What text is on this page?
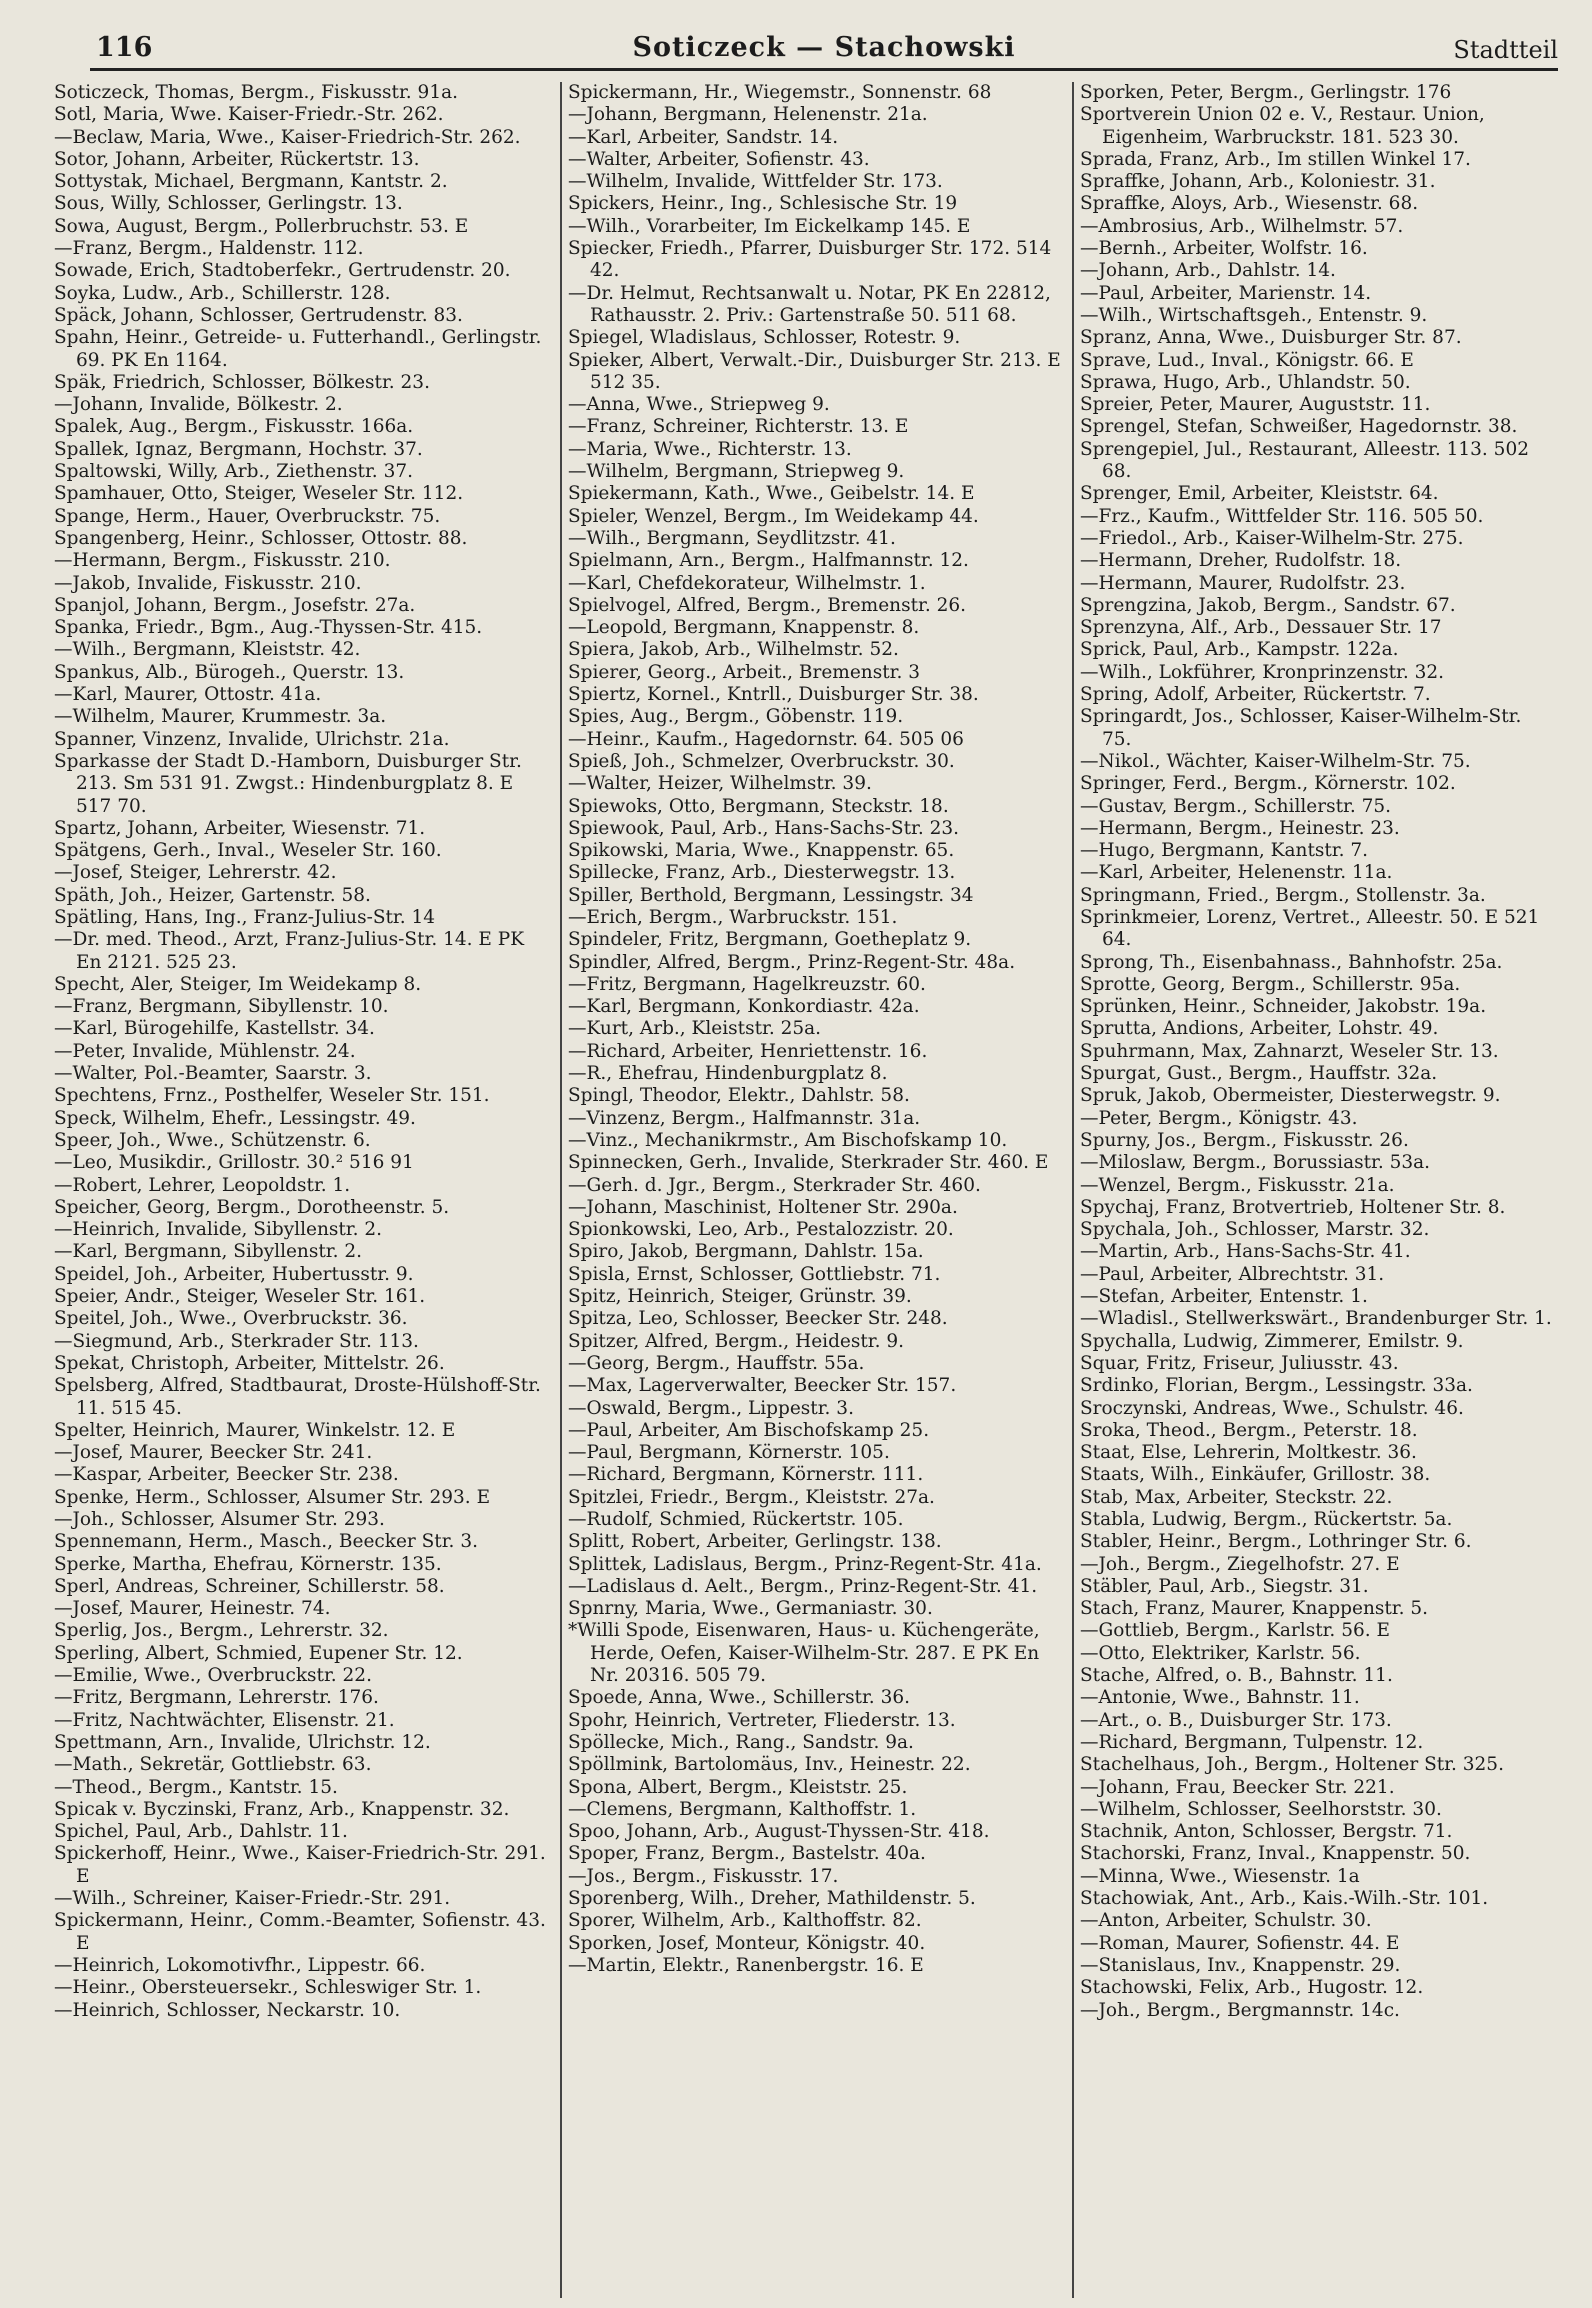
116	Soticzeck — Stachowski	Stadtteil
Soticzeck, Thomas, Bergm., Fiskusstr. 91a.
Sotl, Maria, Wwe. Kaiser-Friedr.-Str. 262.
—Beclaw, Maria, Wwe., Kaiser-Friedrich-Str. 262.
Sotor, Johann, Arbeiter, Rückertstr. 13.
Sottystak, Michael, Bergmann, Kantstr. 2.
Sous, Willy, Schlosser, Gerlingstr. 13.
Sowa, August, Bergm., Pollerbruchstr. 53. E
—Franz, Bergm., Haldenstr. 112.
Sowade, Erich, Stadtoberfekr., Gertrudenstr. 20.
Soyka, Ludw., Arb., Schillerstr. 128.
Späck, Johann, Schlosser, Gertrudenstr. 83.
Spahn, Heinr., Getreide- u. Futterhandl., Gerlingstr. 69. PK En 1164.
Späk, Friedrich, Schlosser, Bölkestr. 23.
—Johann, Invalide, Bölkestr. 2.
Spalek, Aug., Bergm., Fiskusstr. 166a.
Spallek, Ignaz, Bergmann, Hochstr. 37.
Spaltowski, Willy, Arb., Ziethenstr. 37.
Spamhauer, Otto, Steiger, Weseler Str. 112.
Spange, Herm., Hauer, Overbruckstr. 75.
Spangenberg, Heinr., Schlosser, Ottostr. 88.
—Hermann, Bergm., Fiskusstr. 210.
—Jakob, Invalide, Fiskusstr. 210.
Spanjol, Johann, Bergm., Josefstr. 27a.
Spanka, Friedr., Bgm., Aug.-Thyssen-Str. 415.
—Wilh., Bergmann, Kleiststr. 42.
Spankus, Alb., Bürogeh., Querstr. 13.
—Karl, Maurer, Ottostr. 41a.
—Wilhelm, Maurer, Krummestr. 3a.
Spanner, Vinzenz, Invalide, Ulrichstr. 21a.
Sparkasse der Stadt D.-Hamborn, Duisburger Str. 213. Sm 531 91. Zwgst.: Hindenburgplatz 8. E 517 70.
Spartz, Johann, Arbeiter, Wiesenstr. 71.
Spätgens, Gerh., Inval., Weseler Str. 160.
—Josef, Steiger, Lehrerstr. 42.
Späth, Joh., Heizer, Gartenstr. 58.
Spätling, Hans, Ing., Franz-Julius-Str. 14
—Dr. med. Theod., Arzt, Franz-Julius-Str. 14. E PK En 2121. 525 23.
Specht, Aler, Steiger, Im Weidekamp 8.
—Franz, Bergmann, Sibyllenstr. 10.
—Karl, Bürogehilfe, Kastellstr. 34.
—Peter, Invalide, Mühlenstr. 24.
—Walter, Pol.-Beamter, Saarstr. 3.
Spechtens, Frnz., Posthelfer, Weseler Str. 151.
Speck, Wilhelm, Ehefr., Lessingstr. 49.
Speer, Joh., Wwe., Schützenstr. 6.
—Leo, Musikdir., Grillostr. 30.² 516 91
—Robert, Lehrer, Leopoldstr. 1.
Speicher, Georg, Bergm., Dorotheenstr. 5.
—Heinrich, Invalide, Sibyllenstr. 2.
—Karl, Bergmann, Sibyllenstr. 2.
Speidel, Joh., Arbeiter, Hubertusstr. 9.
Speier, Andr., Steiger, Weseler Str. 161.
Speitel, Joh., Wwe., Overbruckstr. 36.
—Siegmund, Arb., Sterkrader Str. 113.
Spekat, Christoph, Arbeiter, Mittelstr. 26.
Spelsberg, Alfred, Stadtbaurat, Droste-Hülshoff-Str. 11. 515 45.
Spelter, Heinrich, Maurer, Winkelstr. 12. E
—Josef, Maurer, Beecker Str. 241.
—Kaspar, Arbeiter, Beecker Str. 238.
Spenke, Herm., Schlosser, Alsumer Str. 293. E
—Joh., Schlosser, Alsumer Str. 293.
Spennemann, Herm., Masch., Beecker Str. 3.
Sperke, Martha, Ehefrau, Körnerstr. 135.
Sperl, Andreas, Schreiner, Schillerstr. 58.
—Josef, Maurer, Heinestr. 74.
Sperlig, Jos., Bergm., Lehrerstr. 32.
Sperling, Albert, Schmied, Eupener Str. 12.
—Emilie, Wwe., Overbruckstr. 22.
—Fritz, Bergmann, Lehrerstr. 176.
—Fritz, Nachtwächter, Elisenstr. 21.
Spettmann, Arn., Invalide, Ulrichstr. 12.
—Math., Sekretär, Gottliebstr. 63.
—Theod., Bergm., Kantstr. 15.
Spicak v. Byczinski, Franz, Arb., Knappenstr. 32.
Spichel, Paul, Arb., Dahlstr. 11.
Spickerhoff, Heinr., Wwe., Kaiser-Friedrich-Str. 291. E
—Wilh., Schreiner, Kaiser-Friedr.-Str. 291.
Spickermann, Heinr., Comm.-Beamter, Sofienstr. 43. E
—Heinrich, Lokomotivfhr., Lippestr. 66.
—Heinr., Obersteuersekr., Schleswiger Str. 1.
—Heinrich, Schlosser, Neckarstr. 10.
Spickermann, Hr., Wiegemstr., Sonnenstr. 68
—Johann, Bergmann, Helenenstr. 21a.
—Karl, Arbeiter, Sandstr. 14.
—Walter, Arbeiter, Sofienstr. 43.
—Wilhelm, Invalide, Wittfelder Str. 173.
Spickers, Heinr., Ing., Schlesische Str. 19
—Wilh., Vorarbeiter, Im Eickelkamp 145. E
Spiecker, Friedh., Pfarrer, Duisburger Str. 172. 514 42.
—Dr. Helmut, Rechtsanwalt u. Notar, PK En 22812, Rathausstr. 2. Priv.: Gartenstraße 50. 511 68.
Spiegel, Wladislaus, Schlosser, Rotestr. 9.
Spieker, Albert, Verwalt.-Dir., Duisburger Str. 213. E 512 35.
—Anna, Wwe., Striepweg 9.
—Franz, Schreiner, Richterstr. 13. E
—Maria, Wwe., Richterstr. 13.
—Wilhelm, Bergmann, Striepweg 9.
Spiekermann, Kath., Wwe., Geibelstr. 14. E
Spieler, Wenzel, Bergm., Im Weidekamp 44.
—Wilh., Bergmann, Seydlitzstr. 41.
Spielmann, Arn., Bergm., Halfmannstr. 12.
—Karl, Chefdekorateur, Wilhelmstr. 1.
Spielvogel, Alfred, Bergm., Bremenstr. 26.
—Leopold, Bergmann, Knappenstr. 8.
Spiera, Jakob, Arb., Wilhelmstr. 52.
Spierer, Georg., Arbeit., Bremenstr. 3
Spiertz, Kornel., Kntrll., Duisburger Str. 38.
Spies, Aug., Bergm., Göbenstr. 119.
—Heinr., Kaufm., Hagedornstr. 64. 505 06
Spieß, Joh., Schmelzer, Overbruckstr. 30.
—Walter, Heizer, Wilhelmstr. 39.
Spiewoks, Otto, Bergmann, Steckstr. 18.
Spiewook, Paul, Arb., Hans-Sachs-Str. 23.
Spikowski, Maria, Wwe., Knappenstr. 65.
Spillecke, Franz, Arb., Diesterwegstr. 13.
Spiller, Berthold, Bergmann, Lessingstr. 34
—Erich, Bergm., Warbruckstr. 151.
Spindeler, Fritz, Bergmann, Goetheplatz 9.
Spindler, Alfred, Bergm., Prinz-Regent-Str. 48a.
—Fritz, Bergmann, Hagelkreuzstr. 60.
—Karl, Bergmann, Konkordiastr. 42a.
—Kurt, Arb., Kleiststr. 25a.
—Richard, Arbeiter, Henriettenstr. 16.
—R., Ehefrau, Hindenburgplatz 8.
Spingl, Theodor, Elektr., Dahlstr. 58.
—Vinzenz, Bergm., Halfmannstr. 31a.
—Vinz., Mechanikrmstr., Am Bischofskamp 10.
Spinnecken, Gerh., Invalide, Sterkrader Str. 460. E
—Gerh. d. Jgr., Bergm., Sterkrader Str. 460.
—Johann, Maschinist, Holtener Str. 290a.
Spionkowski, Leo, Arb., Pestalozzistr. 20.
Spiro, Jakob, Bergmann, Dahlstr. 15a.
Spisla, Ernst, Schlosser, Gottliebstr. 71.
Spitz, Heinrich, Steiger, Grünstr. 39.
Spitza, Leo, Schlosser, Beecker Str. 248.
Spitzer, Alfred, Bergm., Heidestr. 9.
—Georg, Bergm., Hauffstr. 55a.
—Max, Lagerverwalter, Beecker Str. 157.
—Oswald, Bergm., Lippestr. 3.
—Paul, Arbeiter, Am Bischofskamp 25.
—Paul, Bergmann, Körnerstr. 105.
—Richard, Bergmann, Körnerstr. 111.
Spitzlei, Friedr., Bergm., Kleiststr. 27a.
—Rudolf, Schmied, Rückertstr. 105.
Splitt, Robert, Arbeiter, Gerlingstr. 138.
Splittek, Ladislaus, Bergm., Prinz-Regent-Str. 41a.
—Ladislaus d. Aelt., Bergm., Prinz-Regent-Str. 41.
Spnrny, Maria, Wwe., Germaniastr. 30.
*Willi Spode, Eisenwaren, Haus- u. Küchengeräte, Herde, Oefen, Kaiser-Wilhelm-Str. 287. E PK En Nr. 20316. 505 79.
Spoede, Anna, Wwe., Schillerstr. 36.
Spohr, Heinrich, Vertreter, Fliederstr. 13.
Spöllecke, Mich., Rang., Sandstr. 9a.
Spöllmink, Bartolomäus, Inv., Heinestr. 22.
Spona, Albert, Bergm., Kleiststr. 25.
—Clemens, Bergmann, Kalthoffstr. 1.
Spoo, Johann, Arb., August-Thyssen-Str. 418.
Spoper, Franz, Bergm., Bastelstr. 40a.
—Jos., Bergm., Fiskusstr. 17.
Sporenberg, Wilh., Dreher, Mathildenstr. 5.
Sporer, Wilhelm, Arb., Kalthoffstr. 82.
Sporken, Josef, Monteur, Königstr. 40.
—Martin, Elektr., Ranenbergstr. 16. E
Sporken, Peter, Bergm., Gerlingstr. 176
Sportverein Union 02 e. V., Restaur. Union, Eigenheim, Warbruckstr. 181. 523 30.
Sprada, Franz, Arb., Im stillen Winkel 17.
Spraffke, Johann, Arb., Koloniestr. 31.
Spraffke, Aloys, Arb., Wiesenstr. 68.
—Ambrosius, Arb., Wilhelmstr. 57.
—Bernh., Arbeiter, Wolfstr. 16.
—Johann, Arb., Dahlstr. 14.
—Paul, Arbeiter, Marienstr. 14.
—Wilh., Wirtschaftsgeh., Entenstr. 9.
Spranz, Anna, Wwe., Duisburger Str. 87.
Sprave, Lud., Inval., Königstr. 66. E
Sprawa, Hugo, Arb., Uhlandstr. 50.
Spreier, Peter, Maurer, Auguststr. 11.
Sprengel, Stefan, Schweißer, Hagedornstr. 38.
Sprengepiel, Jul., Restaurant, Alleestr. 113. 502 68.
Sprenger, Emil, Arbeiter, Kleiststr. 64.
—Frz., Kaufm., Wittfelder Str. 116. 505 50.
—Friedol., Arb., Kaiser-Wilhelm-Str. 275.
—Hermann, Dreher, Rudolfstr. 18.
—Hermann, Maurer, Rudolfstr. 23.
Sprengzina, Jakob, Bergm., Sandstr. 67.
Sprenzyna, Alf., Arb., Dessauer Str. 17
Sprick, Paul, Arb., Kampstr. 122a.
—Wilh., Lokführer, Kronprinzenstr. 32.
Spring, Adolf, Arbeiter, Rückertstr. 7.
Springardt, Jos., Schlosser, Kaiser-Wilhelm-Str. 75.
—Nikol., Wächter, Kaiser-Wilhelm-Str. 75.
Springer, Ferd., Bergm., Körnerstr. 102.
—Gustav, Bergm., Schillerstr. 75.
—Hermann, Bergm., Heinestr. 23.
—Hugo, Bergmann, Kantstr. 7.
—Karl, Arbeiter, Helenenstr. 11a.
Springmann, Fried., Bergm., Stollenstr. 3a.
Sprinkmeier, Lorenz, Vertret., Alleestr. 50. E 521 64.
Sprong, Th., Eisenbahnass., Bahnhofstr. 25a.
Sprotte, Georg, Bergm., Schillerstr. 95a.
Sprünken, Heinr., Schneider, Jakobstr. 19a.
Sprutta, Andions, Arbeiter, Lohstr. 49.
Spuhrmann, Max, Zahnarzt, Weseler Str. 13.
Spurgat, Gust., Bergm., Hauffstr. 32a.
Spruk, Jakob, Obermeister, Diesterwegstr. 9.
—Peter, Bergm., Königstr. 43.
Spurny, Jos., Bergm., Fiskusstr. 26.
—Miloslaw, Bergm., Borussiastr. 53a.
—Wenzel, Bergm., Fiskusstr. 21a.
Spychaj, Franz, Brotvertrieb, Holtener Str. 8.
Spychala, Joh., Schlosser, Marstr. 32.
—Martin, Arb., Hans-Sachs-Str. 41.
—Paul, Arbeiter, Albrechtstr. 31.
—Stefan, Arbeiter, Entenstr. 1.
—Wladisl., Stellwerkswärt., Brandenburger Str. 1.
Spychalla, Ludwig, Zimmerer, Emilstr. 9.
Squar, Fritz, Friseur, Juliusstr. 43.
Srdinko, Florian, Bergm., Lessingstr. 33a.
Sroczynski, Andreas, Wwe., Schulstr. 46.
Sroka, Theod., Bergm., Peterstr. 18.
Staat, Else, Lehrerin, Moltkestr. 36.
Staats, Wilh., Einkäufer, Grillostr. 38.
Stab, Max, Arbeiter, Steckstr. 22.
Stabla, Ludwig, Bergm., Rückertstr. 5a.
Stabler, Heinr., Bergm., Lothringer Str. 6.
—Joh., Bergm., Ziegelhofstr. 27. E
Stäbler, Paul, Arb., Siegstr. 31.
Stach, Franz, Maurer, Knappenstr. 5.
—Gottlieb, Bergm., Karlstr. 56. E
—Otto, Elektriker, Karlstr. 56.
Stache, Alfred, o. B., Bahnstr. 11.
—Antonie, Wwe., Bahnstr. 11.
—Art., o. B., Duisburger Str. 173.
—Richard, Bergmann, Tulpenstr. 12.
Stachelhaus, Joh., Bergm., Holtener Str. 325.
—Johann, Frau, Beecker Str. 221.
—Wilhelm, Schlosser, Seelhorststr. 30.
Stachnik, Anton, Schlosser, Bergstr. 71.
Stachorski, Franz, Inval., Knappenstr. 50.
—Minna, Wwe., Wiesenstr. 1a
Stachowiak, Ant., Arb., Kais.-Wilh.-Str. 101.
—Anton, Arbeiter, Schulstr. 30.
—Roman, Maurer, Sofienstr. 44. E
—Stanislaus, Inv., Knappenstr. 29.
Stachowski, Felix, Arb., Hugostr. 12.
—Joh., Bergm., Bergmannstr. 14c.
